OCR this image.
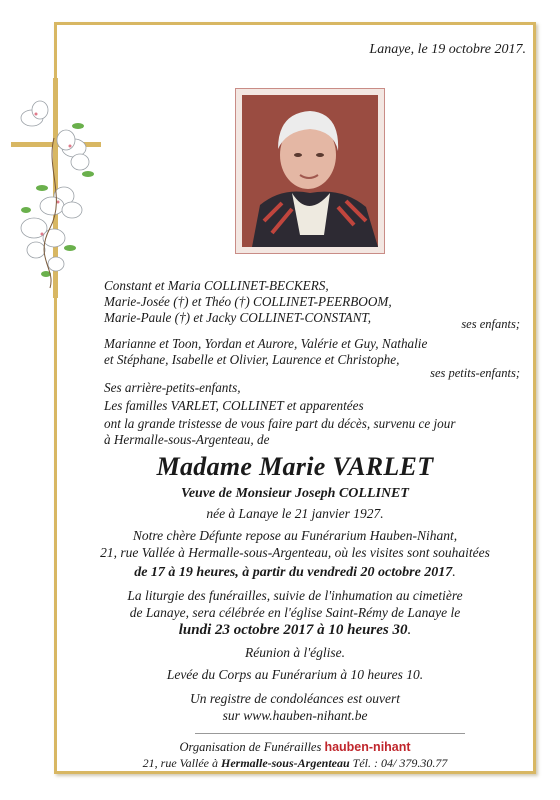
Lanaye, le 19 octobre 2017.
Constant et Maria COLLINET-BECKERS,
Marie-Josée (†) et Théo (†) COLLINET-PEERBOOM,
Marie-Paule (†) et Jacky COLLINET-CONSTANT,	ses enfants;
Marianne et Toon, Yordan et Aurore, Valérie et Guy, Nathalie
et Stéphane, Isabelle et Olivier, Laurence et Christophe,
ses petits-enfants;
Ses arrière-petits-enfants,
Les familles VARLET, COLLINET et apparentées
ont la grande tristesse de vous faire part du décès, survenu ce jour
à Hermalle-sous-Argenteau, de
Madame Marie VARLET
Veuve de Monsieur Joseph COLLINET
née à Lanaye le 21 janvier 1927.
Notre chère Défunte repose au Funérarium Hauben-Nihant,
21, rue Vallée à Hermalle-sous-Argenteau, où les visites sont souhaitées
de 17 à 19 heures, à partir du vendredi 20 octobre 2017.
La liturgie des funérailles, suivie de l'inhumation au cimetière
de Lanaye, sera célébrée en l'église Saint-Rémy de Lanaye le
lundi 23 octobre 2017 à 10 heures 30.
Réunion à l'église.
Levée du Corps au Funérarium à 10 heures 10.
Un registre de condoléances est ouvert
sur www.hauben-nihant.be
Organisation de Funérailles hauben-nihant
21, rue Vallée à Hermalle-sous-Argenteau Tél. : 04/ 379.30.77
